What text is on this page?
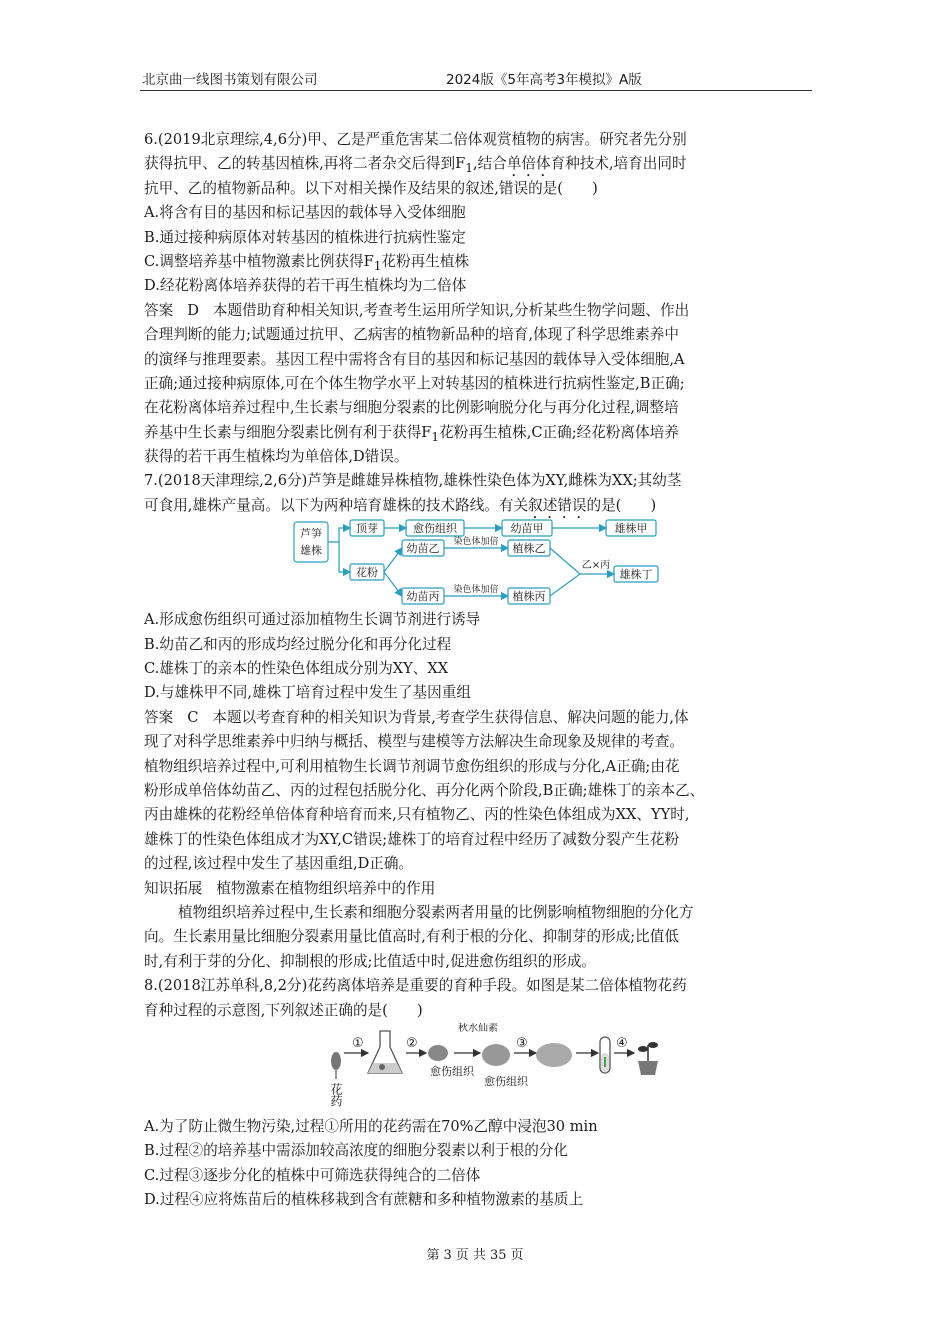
北京曲一线图书策划有限公司	2024版《5年高考3年模拟》A版
6.(2019北京理综,4,6分)甲、乙是严重危害某二倍体观赏植物的病害。研究者先分别
获得抗甲、乙的转基因植株,再将二者杂交后得到$F_1$,结合单倍体育种技术,培育出同时
抗甲、乙的植物新品种。以下对相关操作及结果的叙述,错误的是(　　)
A.将含有目的基因和标记基因的载体导入受体细胞
B.通过接种病原体对转基因的植株进行抗病性鉴定
C.调整培养基中植物激素比例获得$F_1$花粉再生植株
D.经花粉离体培养获得的若干再生植株均为二倍体
答案 D 本题借助育种相关知识,考查考生运用所学知识,分析某些生物学问题、作出
合理判断的能力;试题通过抗甲、乙病害的植物新品种的培育,体现了科学思维素养中
的演绎与推理要素。基因工程中需将含有目的基因和标记基因的载体导入受体细胞,A
正确;通过接种病原体,可在个体生物学水平上对转基因的植株进行抗病性鉴定,B正确;
在花粉离体培养过程中,生长素与细胞分裂素的比例影响脱分化与再分化过程,调整培
养基中生长素与细胞分裂素比例有利于获得$F_1$花粉再生植株,C正确;经花粉离体培养
获得的若干再生植株均为单倍体,D错误。
7.(2018天津理综,2,6分)芦笋是雌雄异株植物,雄株性染色体为XY,雌株为XX;其幼茎
可食用,雄株产量高。以下为两种培育雄株的技术路线。有关叙述错误的是(　　)
芦笋
雄株
顶芽	愈伤组织	幼苗甲	雄株甲
幼苗乙	植株乙
花粉	雄株丁
幼苗丙	植株丙
染色体加倍
染色体加倍
乙×丙
A.形成愈伤组织可通过添加植物生长调节剂进行诱导
B.幼苗乙和丙的形成均经过脱分化和再分化过程
C.雄株丁的亲本的性染色体组成分别为XY、XX
D.与雄株甲不同,雄株丁培育过程中发生了基因重组
答案 C 本题以考查育种的相关知识为背景,考查学生获得信息、解决问题的能力,体
现了对科学思维素养中归纳与概括、模型与建模等方法解决生命现象及规律的考查。
植物组织培养过程中,可利用植物生长调节剂调节愈伤组织的形成与分化,A正确;由花
粉形成单倍体幼苗乙、丙的过程包括脱分化、再分化两个阶段,B正确;雄株丁的亲本乙、
丙由雄株的花粉经单倍体育种培育而来,只有植物乙、丙的性染色体组成为XX、YY时,
雄株丁的性染色体组成才为XY,C错误;雄株丁的培育过程中经历了减数分裂产生花粉
的过程,该过程中发生了基因重组,D正确。
知识拓展 植物激素在植物组织培养中的作用
植物组织培养过程中,生长素和细胞分裂素两者用量的比例影响植物细胞的分化方
向。生长素用量比细胞分裂素用量比值高时,有利于根的分化、抑制芽的形成;比值低
时,有利于芽的分化、抑制根的形成;比值适中时,促进愈伤组织的形成。
8.(2018江苏单科,8,2分)花药离体培养是重要的育种手段。如图是某二倍体植物花药
育种过程的示意图,下列叙述正确的是(　　)
花药
①	②
愈伤组织
秋水仙素
愈伤组织
③	④
A.为了防止微生物污染,过程①所用的花药需在70%乙醇中浸泡30 min
B.过程②的培养基中需添加较高浓度的细胞分裂素以利于根的分化
C.过程③逐步分化的植株中可筛选获得纯合的二倍体
D.过程④应将炼苗后的植株移栽到含有蔗糖和多种植物激素的基质上
第 3 页 共 35 页
